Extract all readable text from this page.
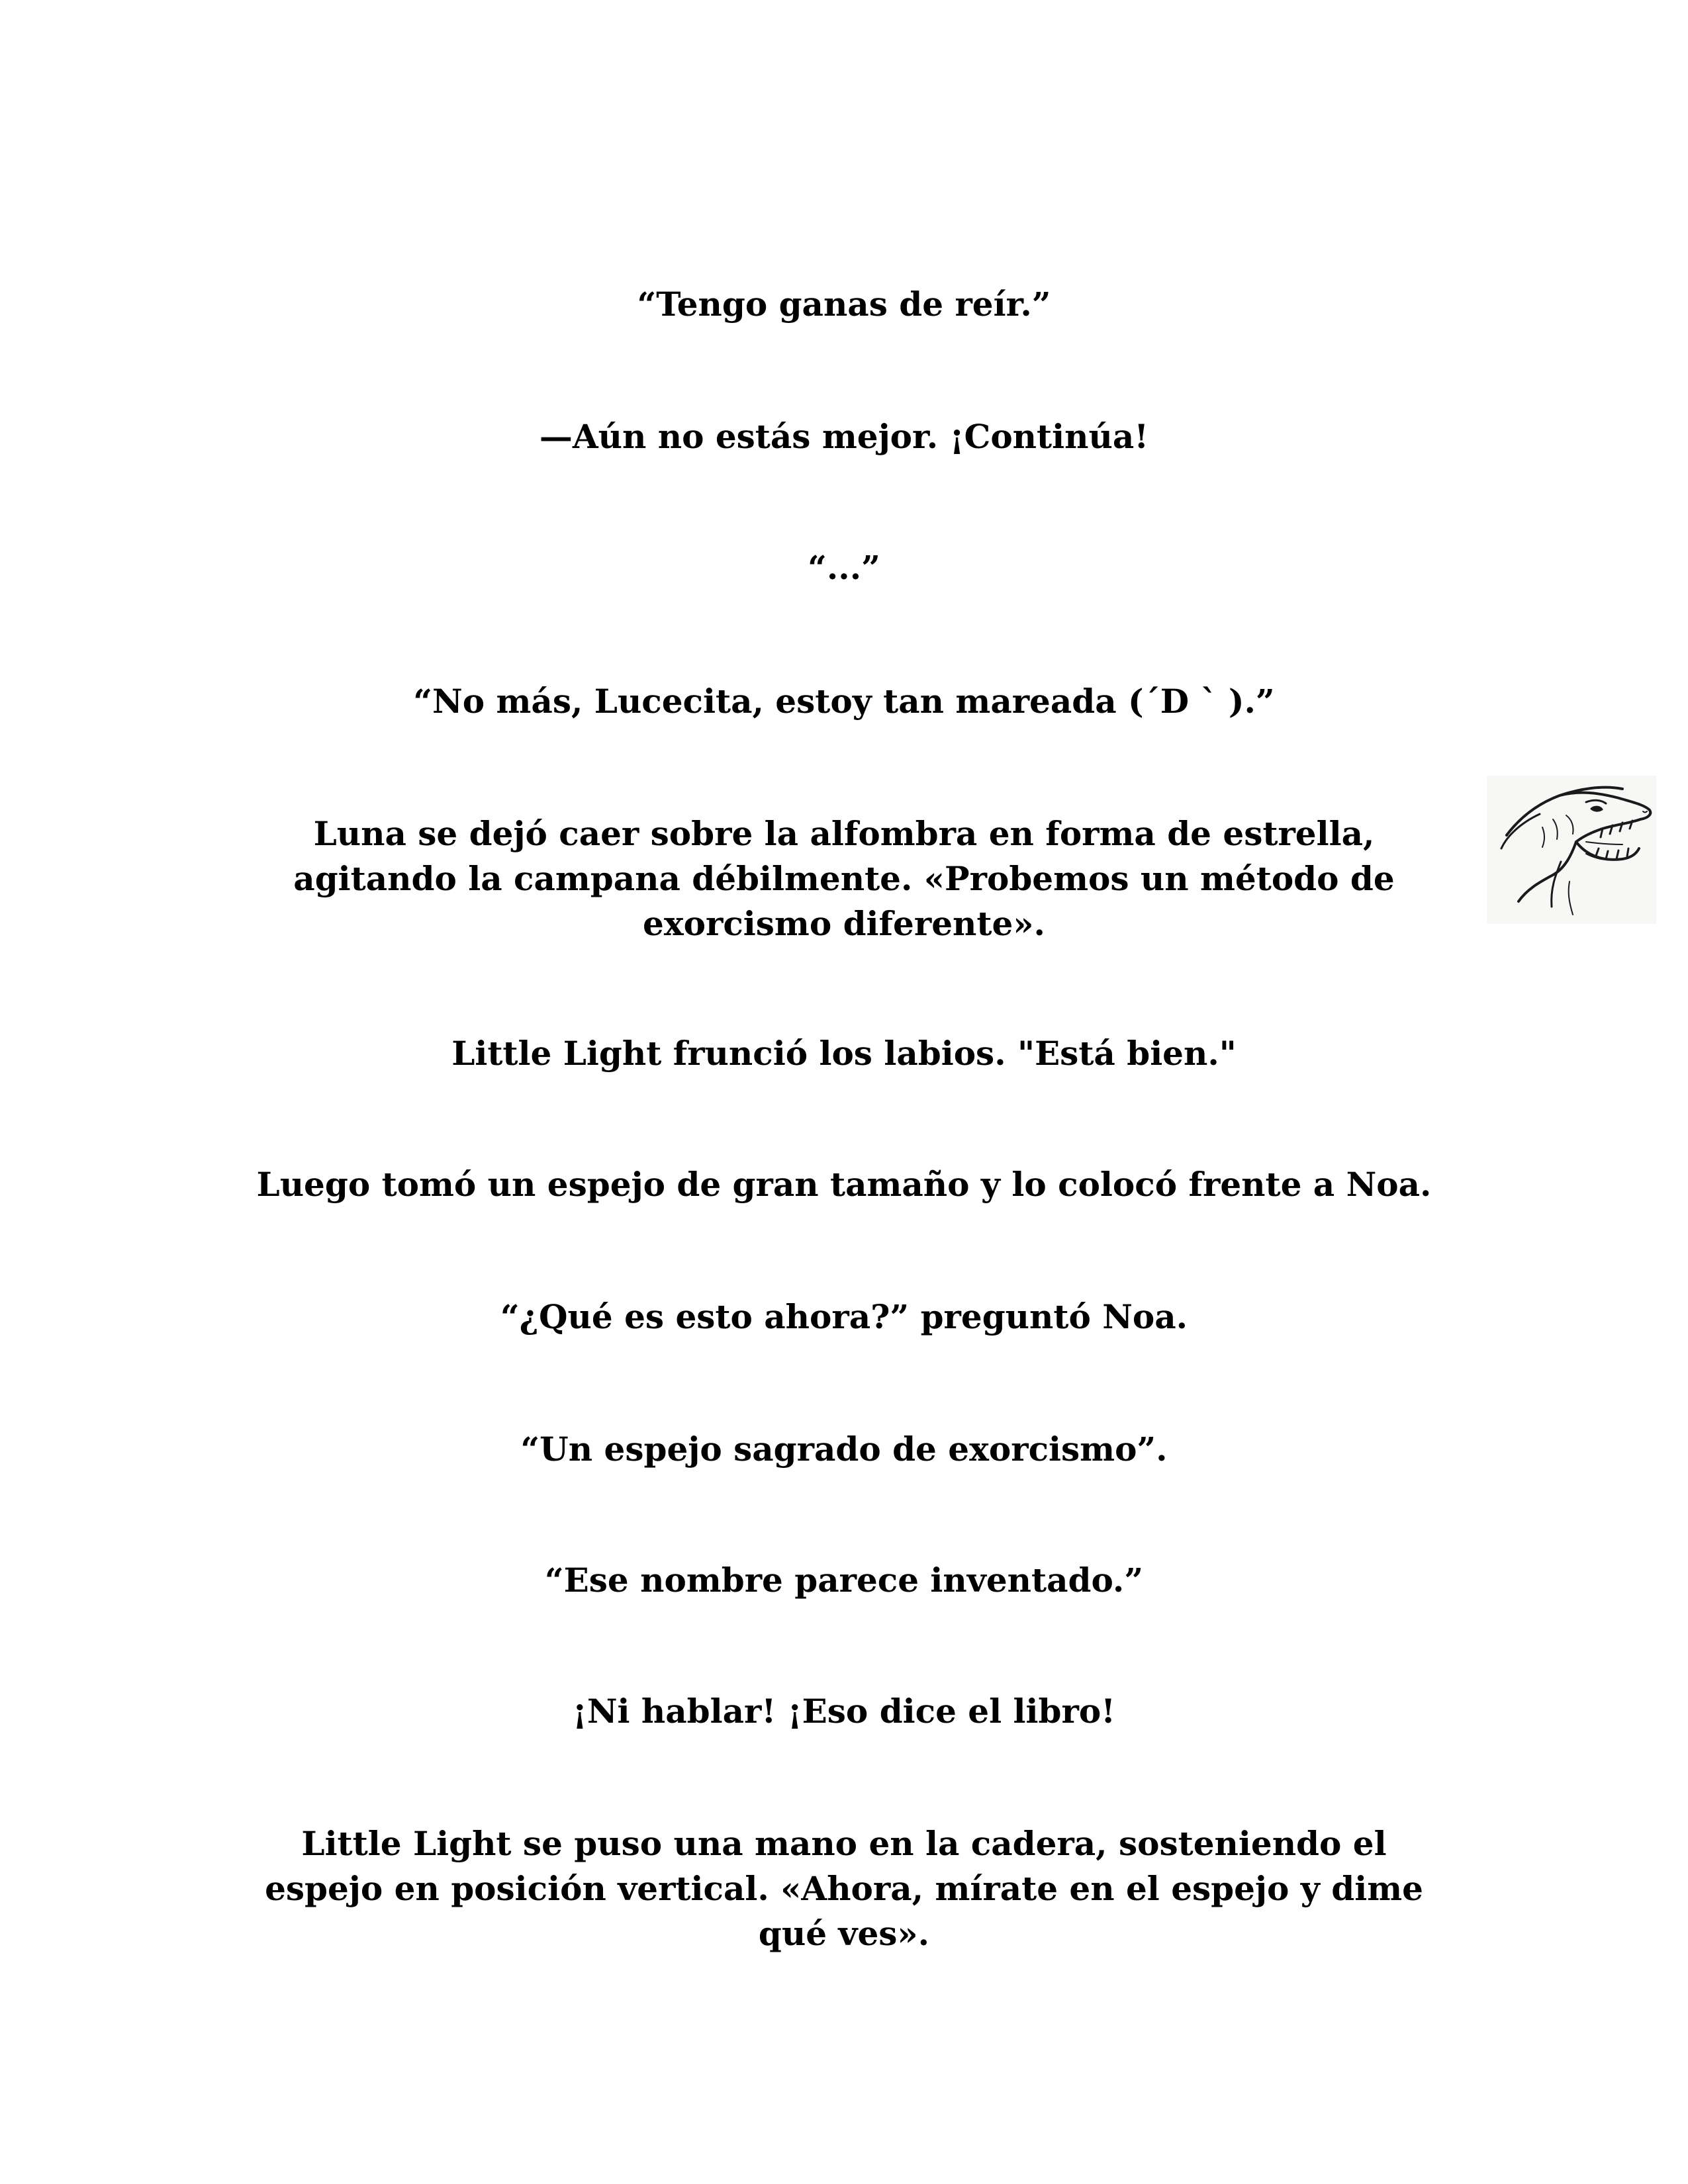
“Tengo ganas de reír.”

—Aún no estás mejor. ¡Continúa!

“...”

“No más, Lucecita, estoy tan mareada (´D ` ).”

Luna se dejó caer sobre la alfombra en forma de estrella,
agitando la campana débilmente. «Probemos un método de
exorcismo diferente».

Little Light frunció los labios. "Está bien."

Luego tomó un espejo de gran tamaño y lo colocó frente a Noa.

“¿Qué es esto ahora?” preguntó Noa.

“Un espejo sagrado de exorcismo”.

“Ese nombre parece inventado.”

¡Ni hablar! ¡Eso dice el libro!

Little Light se puso una mano en la cadera, sosteniendo el
espejo en posición vertical. «Ahora, mírate en el espejo y dime
qué ves».
